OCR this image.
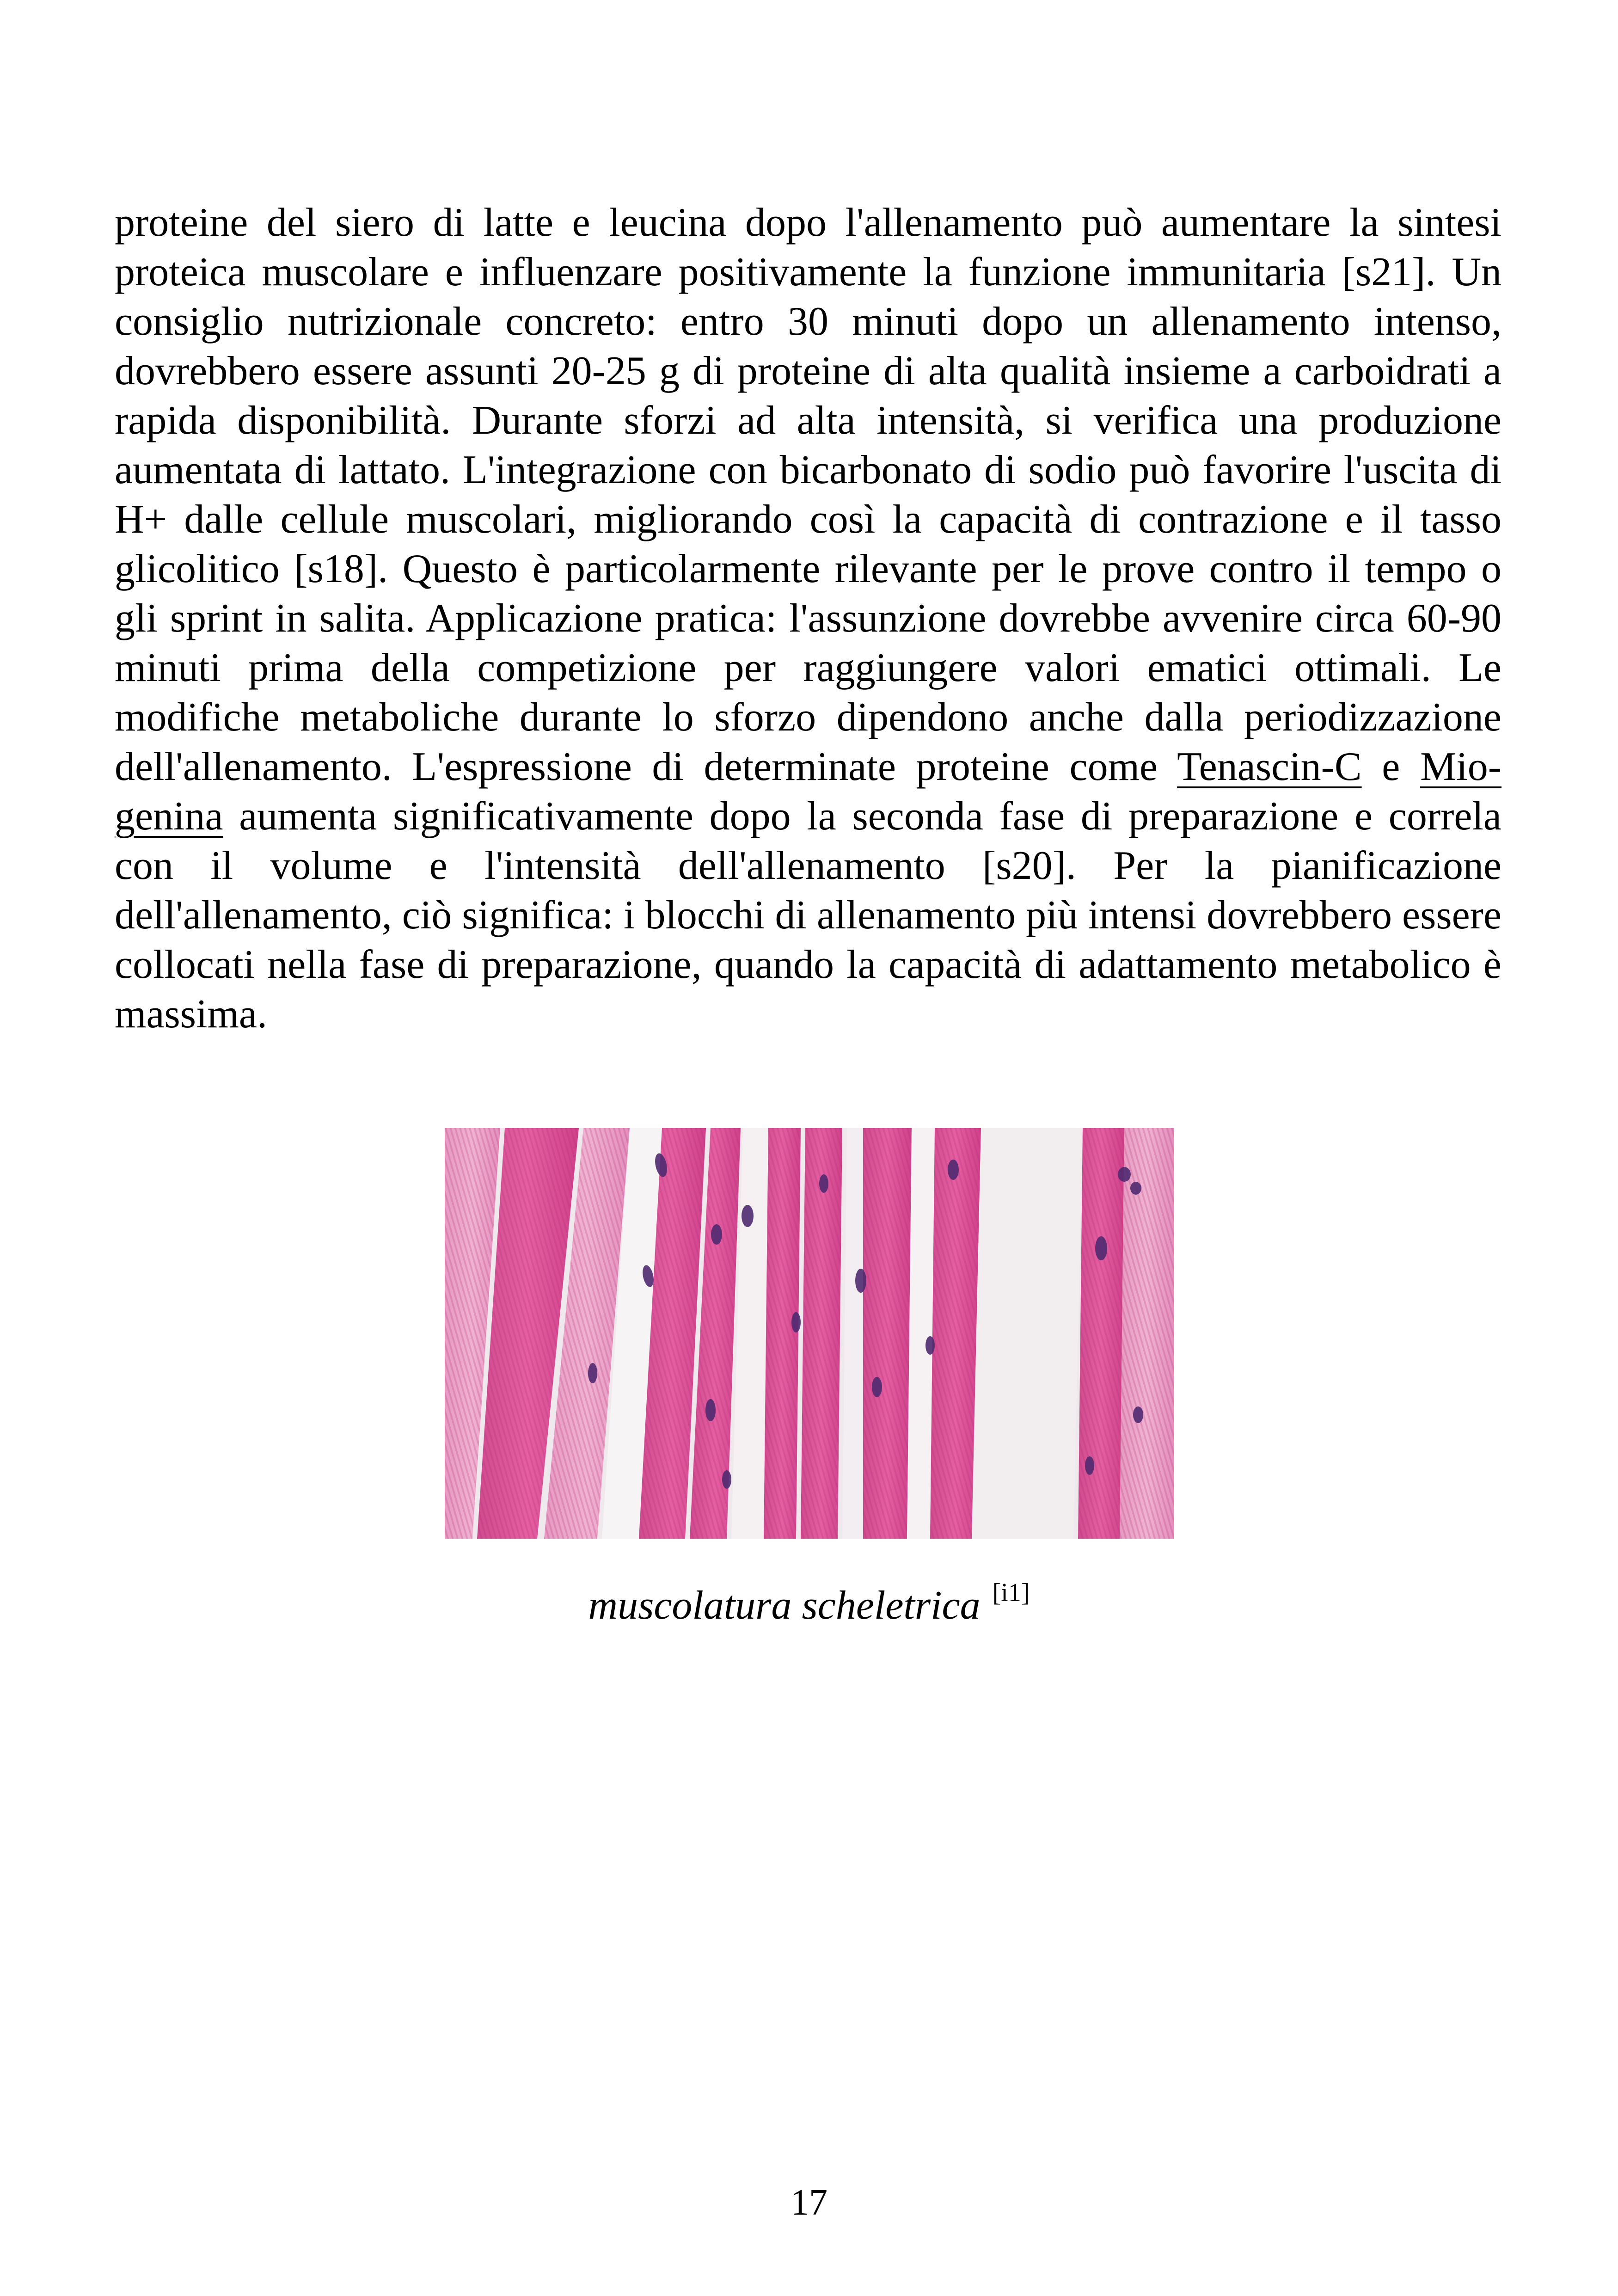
proteine del siero di latte e leucina dopo l'allenamento può aumentare la sintesi proteica muscolare e influenzare positivamente la funzione immunitaria [s21]. Un consiglio nutrizionale concreto: entro 30 minuti dopo un allenamento intenso, dovrebbero essere assunti 20-25 g di proteine di alta qualità insieme a carboidrati a rapida disponibilità. Durante sforzi ad alta intensità, si verifica una produzione aumentata di lattato. L'integrazione con bicarbonato di sodio può favorire l'uscita di H+ dalle cellule muscolari, migliorando così la capacità di contrazione e il tasso glicolitico [s18]. Questo è particolarmente rilevante per le prove contro il tempo o gli sprint in salita. Applicazione pratica: l'assunzione dovrebbe avvenire circa 60-90 minuti prima della competizione per raggiungere valori ematici ottimali. Le modifiche metaboliche durante lo sforzo dipendono anche dalla periodizzazione dell'allenamento. L'espressione di determinate proteine come Tenascin-C e Mio-genina aumenta significativamente dopo la seconda fase di preparazione e correla con il volume e l'intensità dell'allenamento [s20]. Per la pianificazione dell'allenamento, ciò significa: i blocchi di allenamento più intensi dovrebbero essere collocati nella fase di preparazione, quando la capacità di adattamento metabolico è massima.

muscolatura scheletrica [i1]

17
